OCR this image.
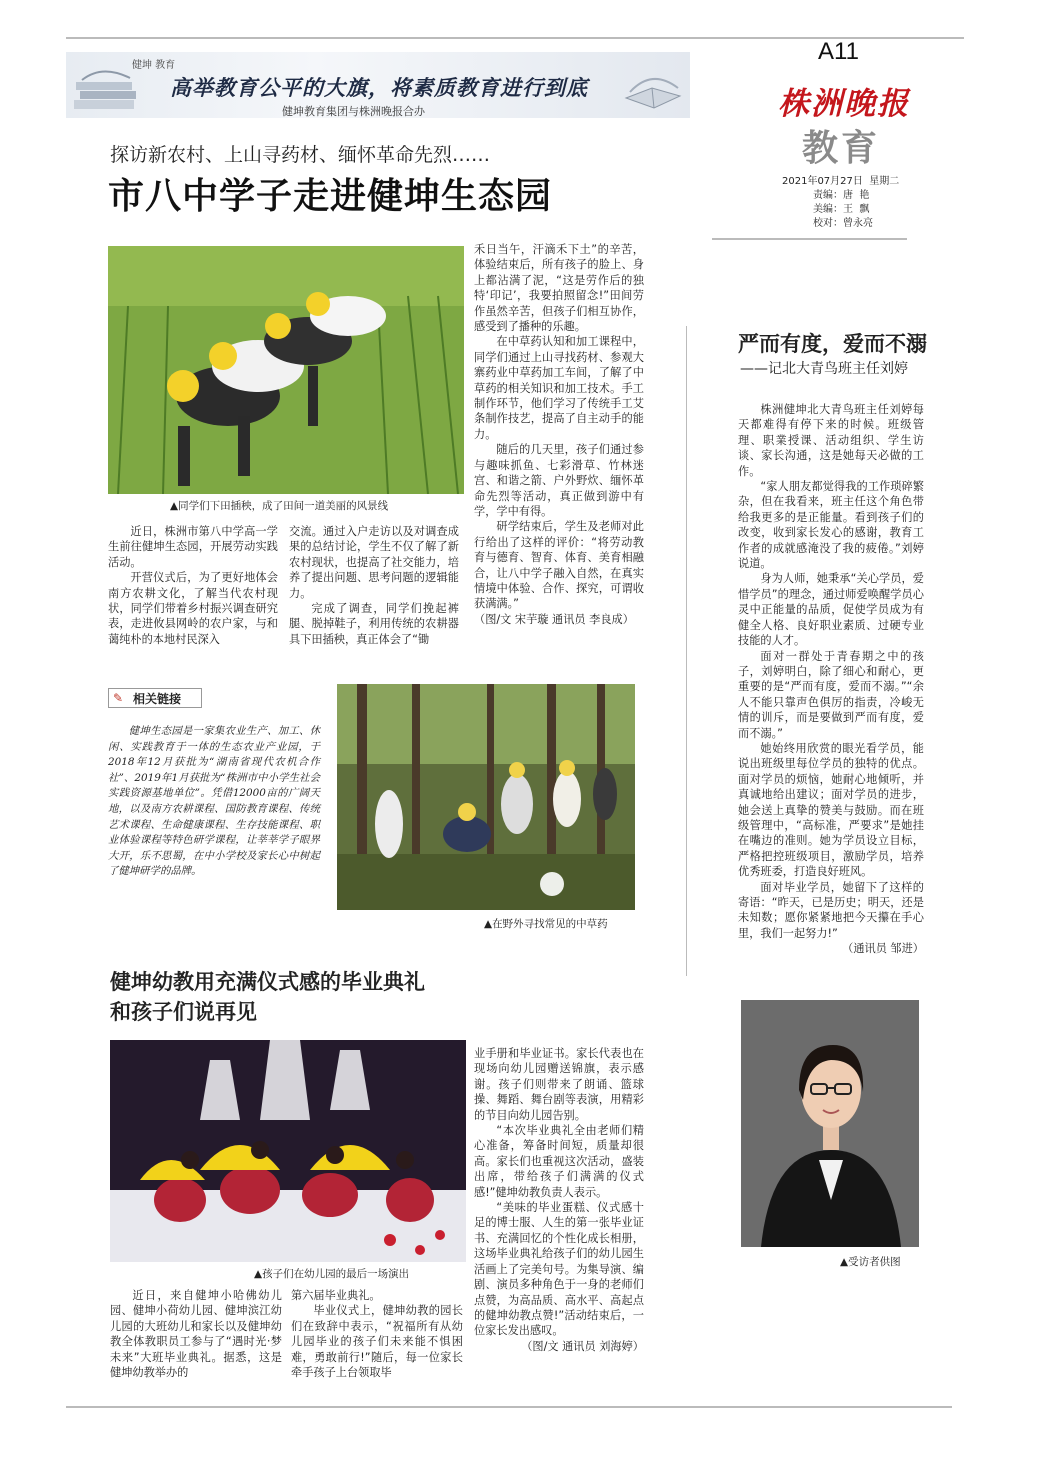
A11
健坤 教育
高举教育公平的大旗，将素质教育进行到底
健坤教育集团与株洲晚报合办	株洲晚报
教育
2021年07月27日  星期二
责编：唐  艳
美编：王  飘
校对：曾永亮
探访新农村、上山寻药材、缅怀革命先烈……
市八中学子走进健坤生态园
▲同学们下田插秧，成了田间一道美丽的风景线

近日，株洲市第八中学高一学生前往健坤生态园，开展劳动实践活动。

开营仪式后，为了更好地体会南方农耕文化，了解当代农村现状，同学们带着乡村振兴调查研究表，走进攸县网岭的农户家，与和蔼纯朴的本地村民深入

交流。通过入户走访以及对调查成果的总结讨论，学生不仅了解了新农村现状，也提高了社交能力，培养了提出问题、思考问题的逻辑能力。

完成了调查，同学们挽起裤腿、脱掉鞋子，利用传统的农耕器具下田插秧，真正体会了“锄

禾日当午，汗滴禾下土”的辛苦，体验结束后，所有孩子的脸上、身上都沾满了泥，“这是劳作后的独特‘印记’，我要拍照留念!”田间劳作虽然辛苦，但孩子们相互协作，感受到了播种的乐趣。

在中草药认知和加工课程中，同学们通过上山寻找药材、参观大寨药业中草药加工车间，了解了中草药的相关知识和加工技术。手工制作环节，他们学习了传统手工艾条制作技艺，提高了自主动手的能力。

随后的几天里，孩子们通过参与趣味抓鱼、七彩滑草、竹林迷宫、和谐之箭、户外野炊、缅怀革命先烈等活动，真正做到游中有学，学中有得。

研学结束后，学生及老师对此行给出了这样的评价：“将劳动教育与德育、智育、体育、美育相融合，让八中学子融入自然，在真实情境中体验、合作、探究，可谓收获满满。”

（图/文 宋芋璇 通讯员 李良成）
✎ 相关链接
健坤生态园是一家集农业生产、加工、休闲、实践教育于一体的生态农业产业园，于2018年12月获批为“湖南省现代农机合作社”、2019年1月获批为“株洲市中小学生社会实践资源基地单位”。凭借12000亩的广阔天地，以及南方农耕课程、国防教育课程、传统艺术课程、生命健康课程、生存技能课程、职业体验课程等特色研学课程，让莘莘学子眼界大开，乐不思蜀，在中小学校及家长心中树起了健坤研学的品牌。
▲在野外寻找常见的中草药
健坤幼教用充满仪式感的毕业典礼
和孩子们说再见
▲孩子们在幼儿园的最后一场演出

近日，来自健坤小哈佛幼儿园、健坤小荷幼儿园、健坤滨江幼儿园的大班幼儿和家长以及健坤幼教全体教职员工参与了“遇时光·梦未来”大班毕业典礼。据悉，这是健坤幼教举办的

第六届毕业典礼。

毕业仪式上，健坤幼教的园长们在致辞中表示，“祝福所有从幼儿园毕业的孩子们未来能不惧困难，勇敢前行!”随后，每一位家长牵手孩子上台领取毕

业手册和毕业证书。家长代表也在现场向幼儿园赠送锦旗，表示感谢。孩子们则带来了朗诵、篮球操、舞蹈、舞台剧等表演，用精彩的节目向幼儿园告别。

“本次毕业典礼全由老师们精心准备，筹备时间短，质量却很高。家长们也重视这次活动，盛装出席，带给孩子们满满的仪式感!”健坤幼教负责人表示。

“美味的毕业蛋糕、仪式感十足的博士服、人生的第一张毕业证书、充满回忆的个性化成长相册，这场毕业典礼给孩子们的幼儿园生活画上了完美句号。为集导演、编剧、演员多种角色于一身的老师们点赞，为高品质、高水平、高起点的健坤幼教点赞!”活动结束后，一位家长发出感叹。

（图/文 通讯员 刘海婷）
严而有度，爱而不溺
——记北大青鸟班主任刘婷

株洲健坤北大青鸟班主任刘婷每天都难得有停下来的时候。班级管理、职業授课、活动组织、学生访谈、家长沟通，这是她每天必做的工作。

“家人朋友都觉得我的工作琐碎繁杂，但在我看来，班主任这个角色带给我更多的是正能量。看到孩子们的改变，收到家长发心的感谢，教育工作者的成就感淹没了我的疲倦。”刘婷说道。

身为人师，她秉承“关心学员，爱惜学员”的理念，通过师爱唤醒学员心灵中正能量的品质，促使学员成为有健全人格、良好职业素质、过硬专业技能的人才。

面对一群处于青春期之中的孩子，刘婷明白，除了细心和耐心，更重要的是“严而有度，爱而不溺。”“余人不能只靠声色俱厉的指责，冷峻无情的训斥，而是要做到严而有度，爱而不溺。”

她始终用欣赏的眼光看学员，能说出班级里每位学员的独特的优点。面对学员的烦恼，她耐心地倾听，并真诚地给出建议；面对学员的进步，她会送上真挚的赞美与鼓励。而在班级管理中，“高标准，严要求”是她挂在嘴边的准则。她为学员设立目标，严格把控班级项目，激励学员，培养优秀班委，打造良好班风。

面对毕业学员，她留下了这样的寄语：“昨天，已是历史；明天，还是未知数；愿你紧紧地把今天攥在手心里，我们一起努力!”

（通讯员 邹进）
▲受访者供图
